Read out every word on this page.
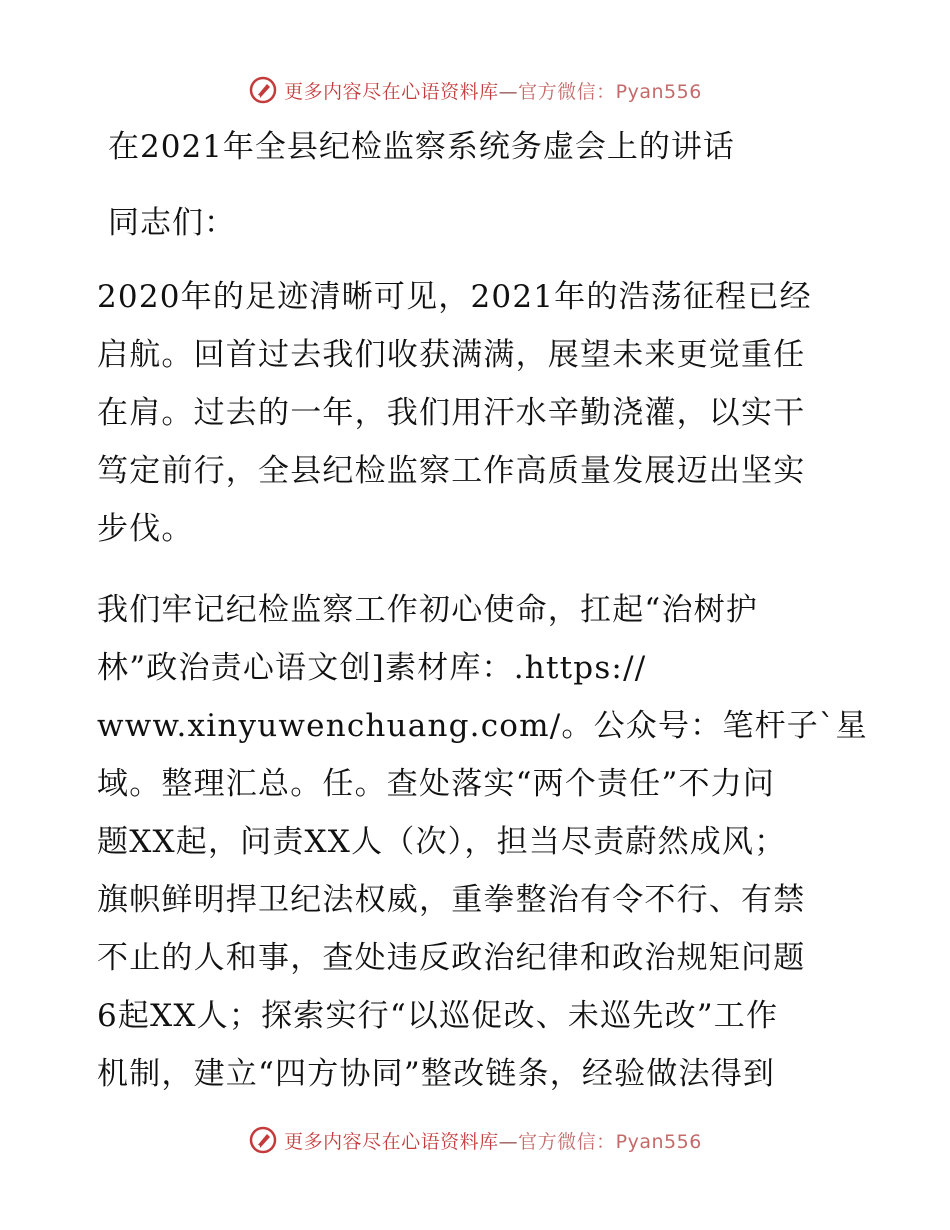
更多内容尽在心语资料库—官方微信：Pyan556
在2021年全县纪检监察系统务虚会上的讲话
同志们：
2020年的足迹清晰可见，2021年的浩荡征程已经
启航。回首过去我们收获满满，展望未来更觉重任
在肩。过去的一年，我们用汗水辛勤浇灌，以实干
笃定前行，全县纪检监察工作高质量发展迈出坚实
步伐。
我们牢记纪检监察工作初心使命，扛起“治树护
林”政治责心语文创]素材库：.https://
www.xinyuwenchuang.com/。公众号：笔杆子`星
域。整理汇总。任。查处落实“两个责任”不力问
题XX起，问责XX人（次），担当尽责蔚然成风；
旗帜鲜明捍卫纪法权威，重拳整治有令不行、有禁
不止的人和事，查处违反政治纪律和政治规矩问题
6起XX人；探索实行“以巡促改、未巡先改”工作
机制，建立“四方协同”整改链条，经验做法得到
更多内容尽在心语资料库—官方微信：Pyan556
